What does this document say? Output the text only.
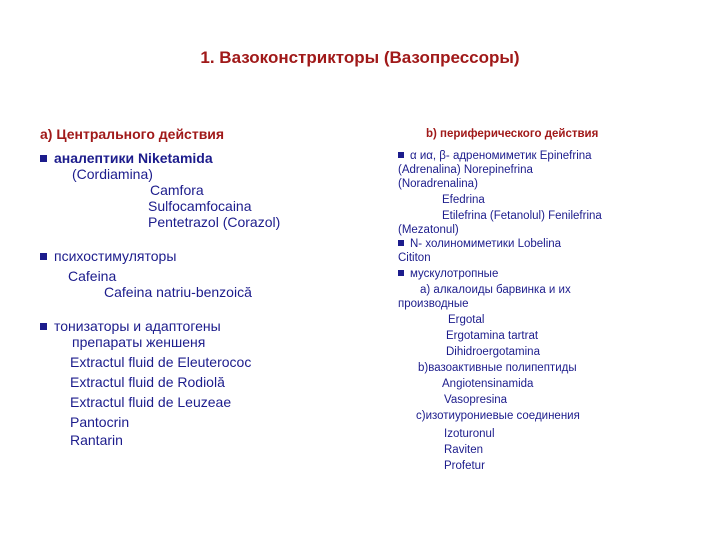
1. Вазоконстрикторы (Вазопрессоры)
а) Центрального действия
аналептики Niketamida
(Cordiamina)
Camfora
Sulfocamfocaina
Pentetrazol (Corazol)
психостимуляторы
Cafeina
Cafeina natriu-benzoică
тонизаторы и адаптогены
препараты женшеня
Extractul fluid de Eleuterococ
Extractul fluid de Rodiolă
Extractul fluid de Leuzeae
Pantocrin
Rantarin
b) периферического действия
α иα, β- адреномиметик Epinefrina
(Adrenalina) Norepinefrina
(Noradrenalina)
Efedrina
Etilefrina (Fetanolul) Fenilefrina
(Mezatonul)
N- холиномиметики Lobelina
Cititon
мускулотропные
а) алкалоиды барвинка и их
производные
Ergotal
Ergotamina tartrat
Dihidroergotamina
b)вазоактивные полипептиды
Angiotensinamida
Vasopresina
c)изотиурониевые соединения
Izoturonul
Raviten
Profetur
